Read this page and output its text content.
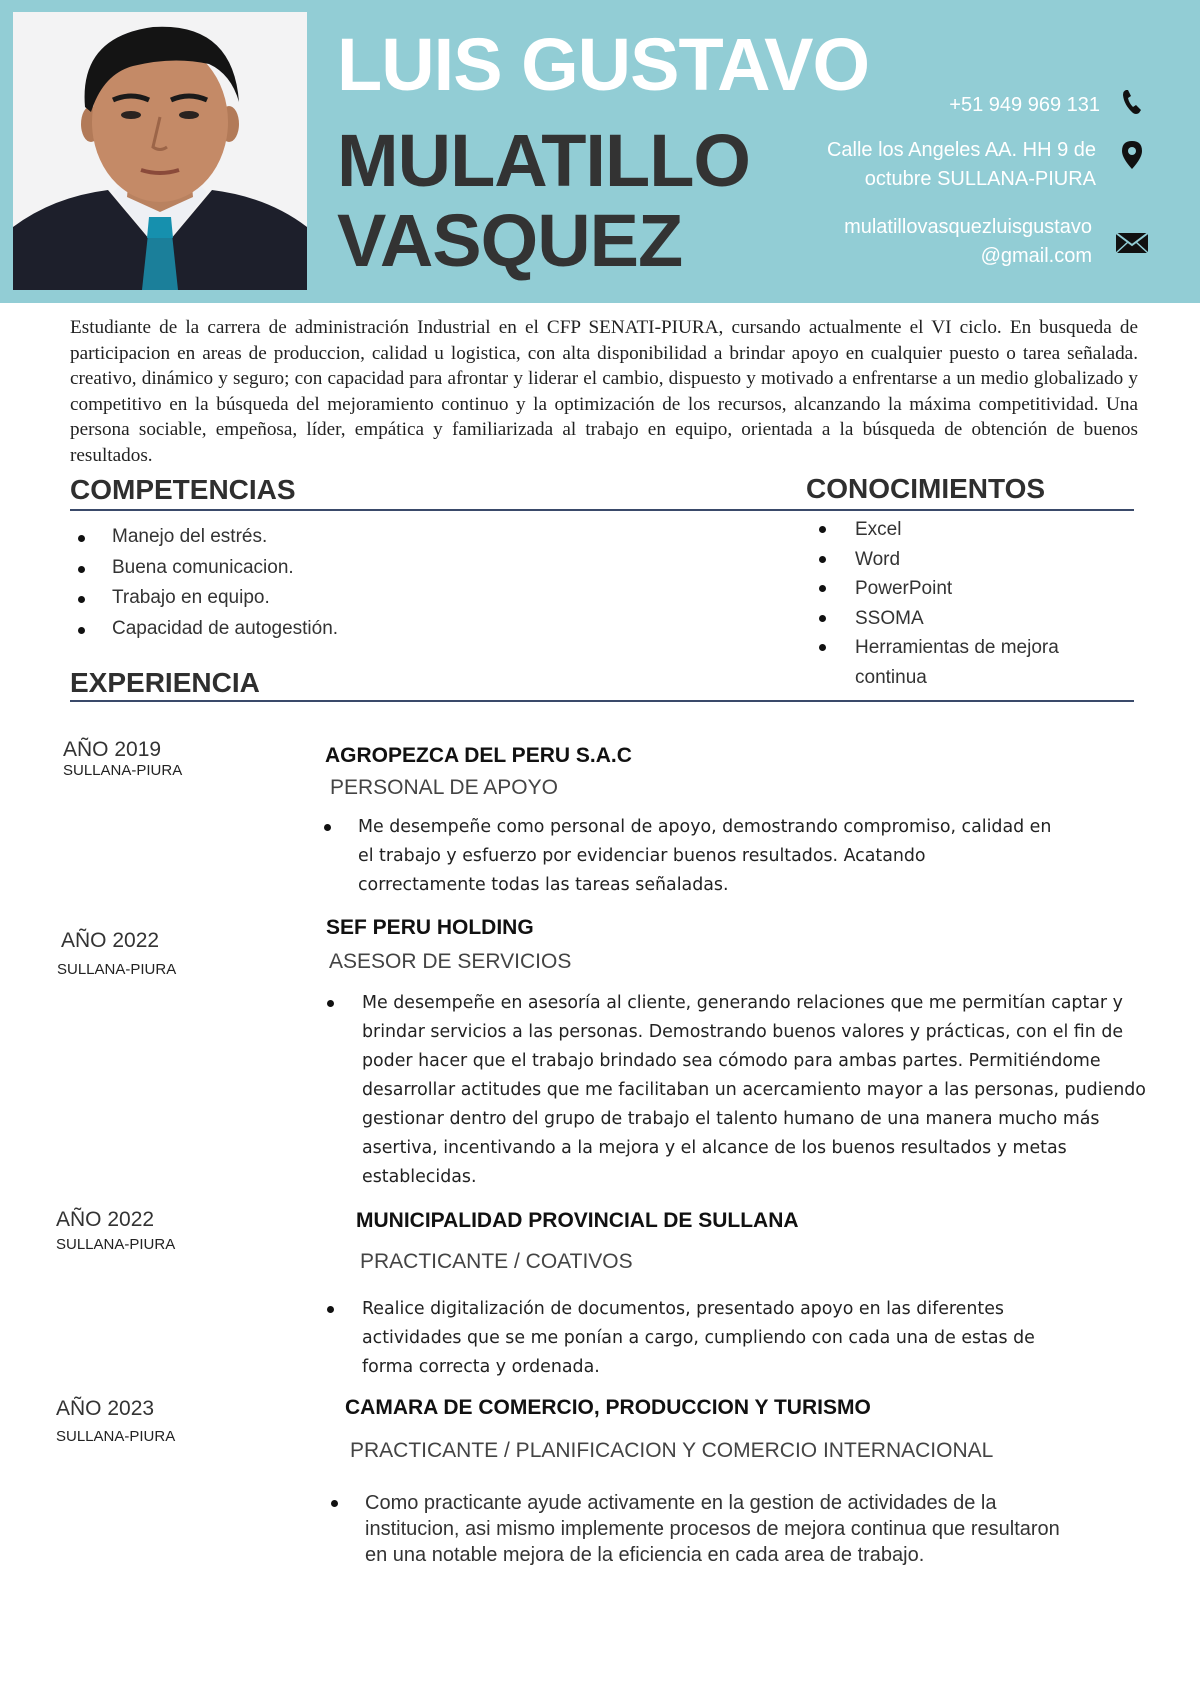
LUIS GUSTAVO
MULATILLO
VASQUEZ
+51 949 969 131
Calle los Angeles AA. HH 9 de
octubre SULLANA-PIURA
mulatillovasquezluisgustavo
@gmail.com
Estudiante de la carrera de administración Industrial en el CFP SENATI-PIURA, cursando actualmente el VI ciclo. En busqueda de participacion en areas de produccion, calidad u logistica, con alta disponibilidad a brindar apoyo en cualquier puesto o tarea señalada. creativo, dinámico y seguro; con capacidad para afrontar y liderar el cambio, dispuesto y motivado a enfrentarse a un medio globalizado y competitivo en la búsqueda del mejoramiento continuo y la optimización de los recursos, alcanzando la máxima competitividad. Una persona sociable, empeñosa, líder, empática y familiarizada al trabajo en equipo, orientada a la búsqueda de obtención de buenos resultados.
COMPETENCIAS
Manejo del estrés.
Buena comunicacion.
Trabajo en equipo.
Capacidad de autogestión.
CONOCIMIENTOS
Excel
Word
PowerPoint
SSOMA
Herramientas de mejora continua
EXPERIENCIA
AÑO 2019
SULLANA-PIURA
AGROPEZCA DEL PERU S.A.C
PERSONAL DE APOYO
Me desempeñe como personal de apoyo, demostrando compromiso, calidad en el trabajo y esfuerzo por evidenciar buenos resultados. Acatando correctamente todas las tareas señaladas.
AÑO 2022
SULLANA-PIURA
SEF PERU HOLDING
ASESOR DE SERVICIOS
Me desempeñe en asesoría al cliente, generando relaciones que me permitían captar y brindar servicios a las personas. Demostrando buenos valores y prácticas, con el fin de poder hacer que el trabajo brindado sea cómodo para ambas partes. Permitiéndome desarrollar actitudes que me facilitaban un acercamiento mayor a las personas, pudiendo gestionar dentro del grupo de trabajo el talento humano de una manera mucho más asertiva, incentivando a la mejora y el alcance de los buenos resultados y metas establecidas.
AÑO 2022
SULLANA-PIURA
MUNICIPALIDAD PROVINCIAL DE SULLANA
PRACTICANTE / COATIVOS
Realice digitalización de documentos, presentado apoyo en las diferentes actividades que se me ponían a cargo, cumpliendo con cada una de estas de forma correcta y ordenada.
AÑO 2023
SULLANA-PIURA
CAMARA DE COMERCIO, PRODUCCION Y TURISMO
PRACTICANTE / PLANIFICACION Y COMERCIO INTERNACIONAL
Como practicante ayude activamente en la gestion de actividades de la institucion, asi mismo implemente procesos de mejora continua que resultaron en una notable mejora de la eficiencia en cada area de trabajo.
